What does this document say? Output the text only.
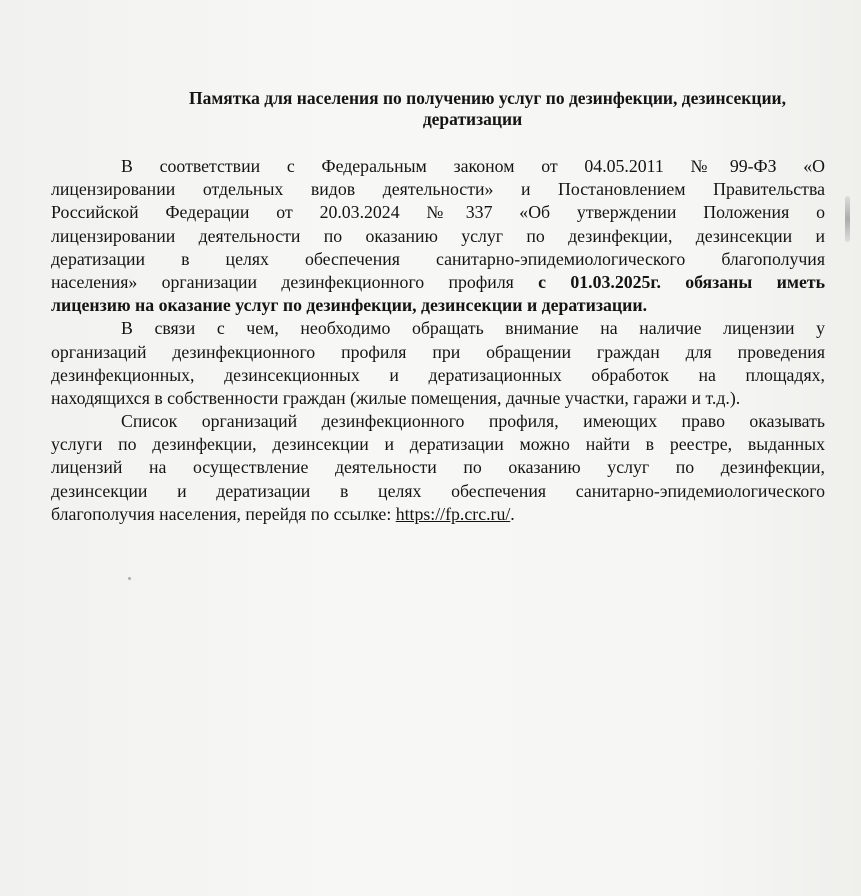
Памятка для населения по получению услуг по дезинфекции, дезинсекции,
дератизации
В соответствии с Федеральным законом от 04.05.2011 №99-ФЗ «О
лицензировании отдельных видов деятельности» и Постановлением Правительства
Российской Федерации от 20.03.2024 №337 «Об утверждении Положения о
лицензировании деятельности по оказанию услуг по дезинфекции, дезинсекции и
дератизации в целях обеспечения санитарно-эпидемиологического благополучия
населения» организации дезинфекционного профиля с 01.03.2025г. обязаны иметь
лицензию на оказание услуг по дезинфекции, дезинсекции и дератизации.
В связи с чем, необходимо обращать внимание на наличие лицензии у
организаций дезинфекционного профиля при обращении граждан для проведения
дезинфекционных, дезинсекционных и дератизационных обработок на площадях,
находящихся в собственности граждан (жилые помещения, дачные участки, гаражи и т.д.).
Список организаций дезинфекционного профиля, имеющих право оказывать
услуги по дезинфекции, дезинсекции и дератизации можно найти в реестре, выданных
лицензий на осуществление деятельности по оказанию услуг по дезинфекции,
дезинсекции и дератизации в целях обеспечения санитарно-эпидемиологического
благополучия населения, перейдя по ссылке: https://fp.crc.ru/.
